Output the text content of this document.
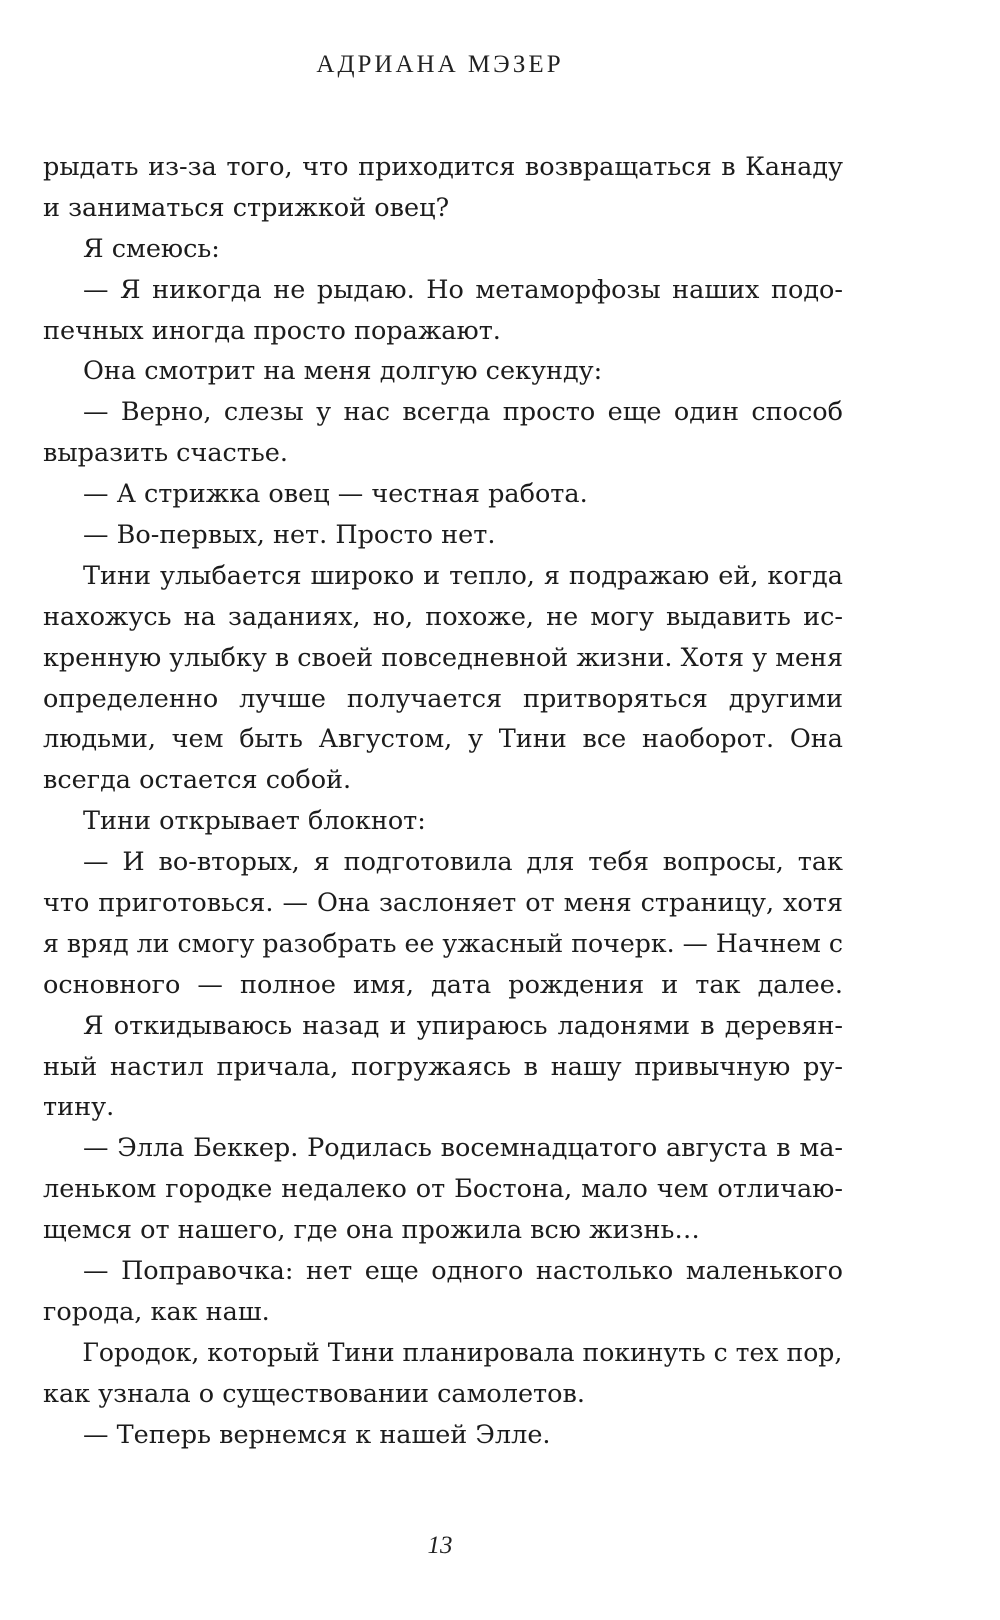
АДРИАНА МЭЗЕР
рыдать из-за того, что приходится возвращаться в Канаду
и заниматься стрижкой овец?
Я смеюсь:
— Я никогда не рыдаю. Но метаморфозы наших подо-
печных иногда просто поражают.
Она смотрит на меня долгую секунду:
— Верно, слезы у нас всегда просто еще один способ
выразить счастье.
— А стрижка овец — честная работа.
— Во-первых, нет. Просто нет.
Тини улыбается широко и тепло, я подражаю ей, когда
нахожусь на заданиях, но, похоже, не могу выдавить ис-
кренную улыбку в своей повседневной жизни. Хотя у меня
определенно лучше получается притворяться другими
людьми, чем быть Августом, у Тини все наоборот. Она
всегда остается собой.
Тини открывает блокнот:
— И во-вторых, я подготовила для тебя вопросы, так
что приготовься. — Она заслоняет от меня страницу, хотя
я вряд ли смогу разобрать ее ужасный почерк. — Начнем с
основного — полное имя, дата рождения и так далее.
Я откидываюсь назад и упираюсь ладонями в деревян-
ный настил причала, погружаясь в нашу привычную ру-
тину.
— Элла Беккер. Родилась восемнадцатого августа в ма-
леньком городке недалеко от Бостона, мало чем отличаю-
щемся от нашего, где она прожила всю жизнь…
— Поправочка: нет еще одного настолько маленького
города, как наш.
Городок, который Тини планировала покинуть с тех пор,
как узнала о существовании самолетов.
— Теперь вернемся к нашей Элле.
13
